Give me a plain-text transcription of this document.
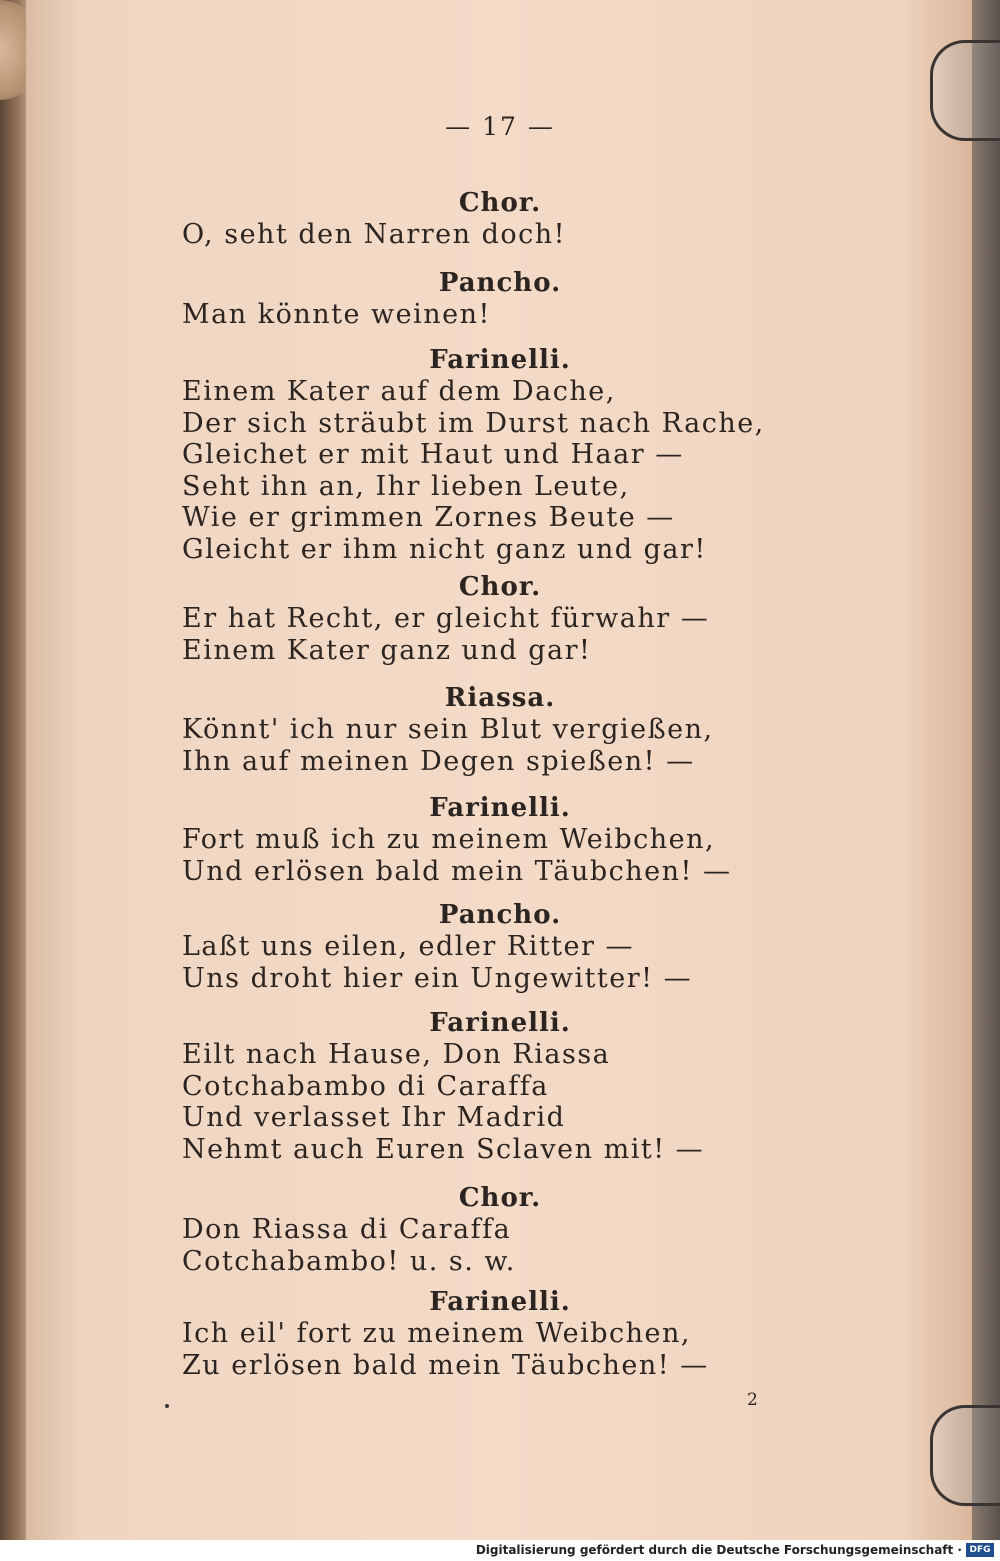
— 17 —
Chor.
O, seht den Narren doch!
Pancho.
Man könnte weinen!
Farinelli.
Einem Kater auf dem Dache,
Der sich sträubt im Durst nach Rache,
Gleichet er mit Haut und Haar —
Seht ihn an, Ihr lieben Leute,
Wie er grimmen Zornes Beute —
Gleicht er ihm nicht ganz und gar!
Chor.
Er hat Recht, er gleicht fürwahr —
Einem Kater ganz und gar!
Riassa.
Könnt' ich nur sein Blut vergießen,
Ihn auf meinen Degen spießen! —
Farinelli.
Fort muß ich zu meinem Weibchen,
Und erlösen bald mein Täubchen! —
Pancho.
Laßt uns eilen, edler Ritter —
Uns droht hier ein Ungewitter! —
Farinelli.
Eilt nach Hause, Don Riassa
Cotchabambo di Caraffa
Und verlasset Ihr Madrid
Nehmt auch Euren Sclaven mit! —
Chor.
Don Riassa di Caraffa
Cotchabambo! u. s. w.
Farinelli.
Ich eil' fort zu meinem Weibchen,
Zu erlösen bald mein Täubchen! —
2
Digitalisierung gefördert durch die Deutsche Forschungsgemeinschaft · DFG
